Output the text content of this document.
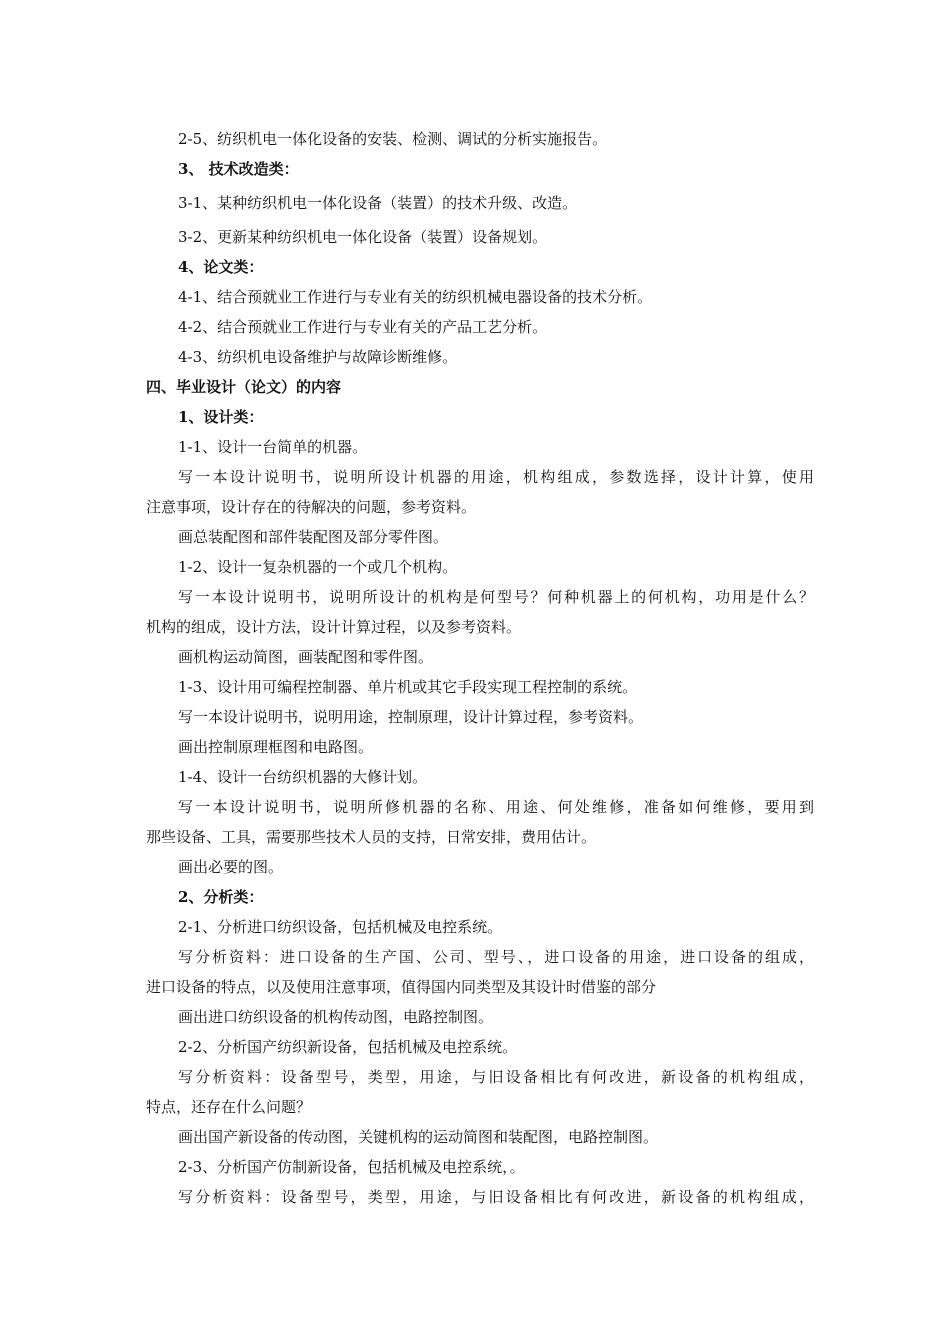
2-5、纺织机电一体化设备的安装、检测、调试的分析实施报告。
3、 技术改造类：
3-1、某种纺织机电一体化设备（装置）的技术升级、改造。
3-2、更新某种纺织机电一体化设备（装置）设备规划。
4、论文类：
4-1、结合预就业工作进行与专业有关的纺织机械电器设备的技术分析。
4-2、结合预就业工作进行与专业有关的产品工艺分析。
4-3、纺织机电设备维护与故障诊断维修。
四、毕业设计（论文）的内容
1、设计类：
1-1、设计一台简单的机器。
写一本设计说明书，说明所设计机器的用途，机构组成，参数选择，设计计算，使用
注意事项，设计存在的待解决的问题，参考资料。
画总装配图和部件装配图及部分零件图。
1-2、设计一复杂机器的一个或几个机构。
写一本设计说明书，说明所设计的机构是何型号？何种机器上的何机构，功用是什么？
机构的组成，设计方法，设计计算过程，以及参考资料。
画机构运动简图，画装配图和零件图。
1-3、设计用可编程控制器、单片机或其它手段实现工程控制的系统。
写一本设计说明书，说明用途，控制原理，设计计算过程，参考资料。
画出控制原理框图和电路图。
1-4、设计一台纺织机器的大修计划。
写一本设计说明书，说明所修机器的名称、用途、何处维修，准备如何维修，要用到
那些设备、工具，需要那些技术人员的支持，日常安排，费用估计。
画出必要的图。
2、分析类：
2-1、分析进口纺织设备，包括机械及电控系统。
写分析资料：进口设备的生产国、公司、型号、，进口设备的用途，进口设备的组成，
进口设备的特点，以及使用注意事项，值得国内同类型及其设计时借鉴的部分
画出进口纺织设备的机构传动图，电路控制图。
2-2、分析国产纺织新设备，包括机械及电控系统。
写分析资料：设备型号，类型，用途，与旧设备相比有何改进，新设备的机构组成，
特点，还存在什么问题？
画出国产新设备的传动图，关键机构的运动简图和装配图，电路控制图。
2-3、分析国产仿制新设备，包括机械及电控系统，。
写分析资料：设备型号，类型，用途，与旧设备相比有何改进，新设备的机构组成，
